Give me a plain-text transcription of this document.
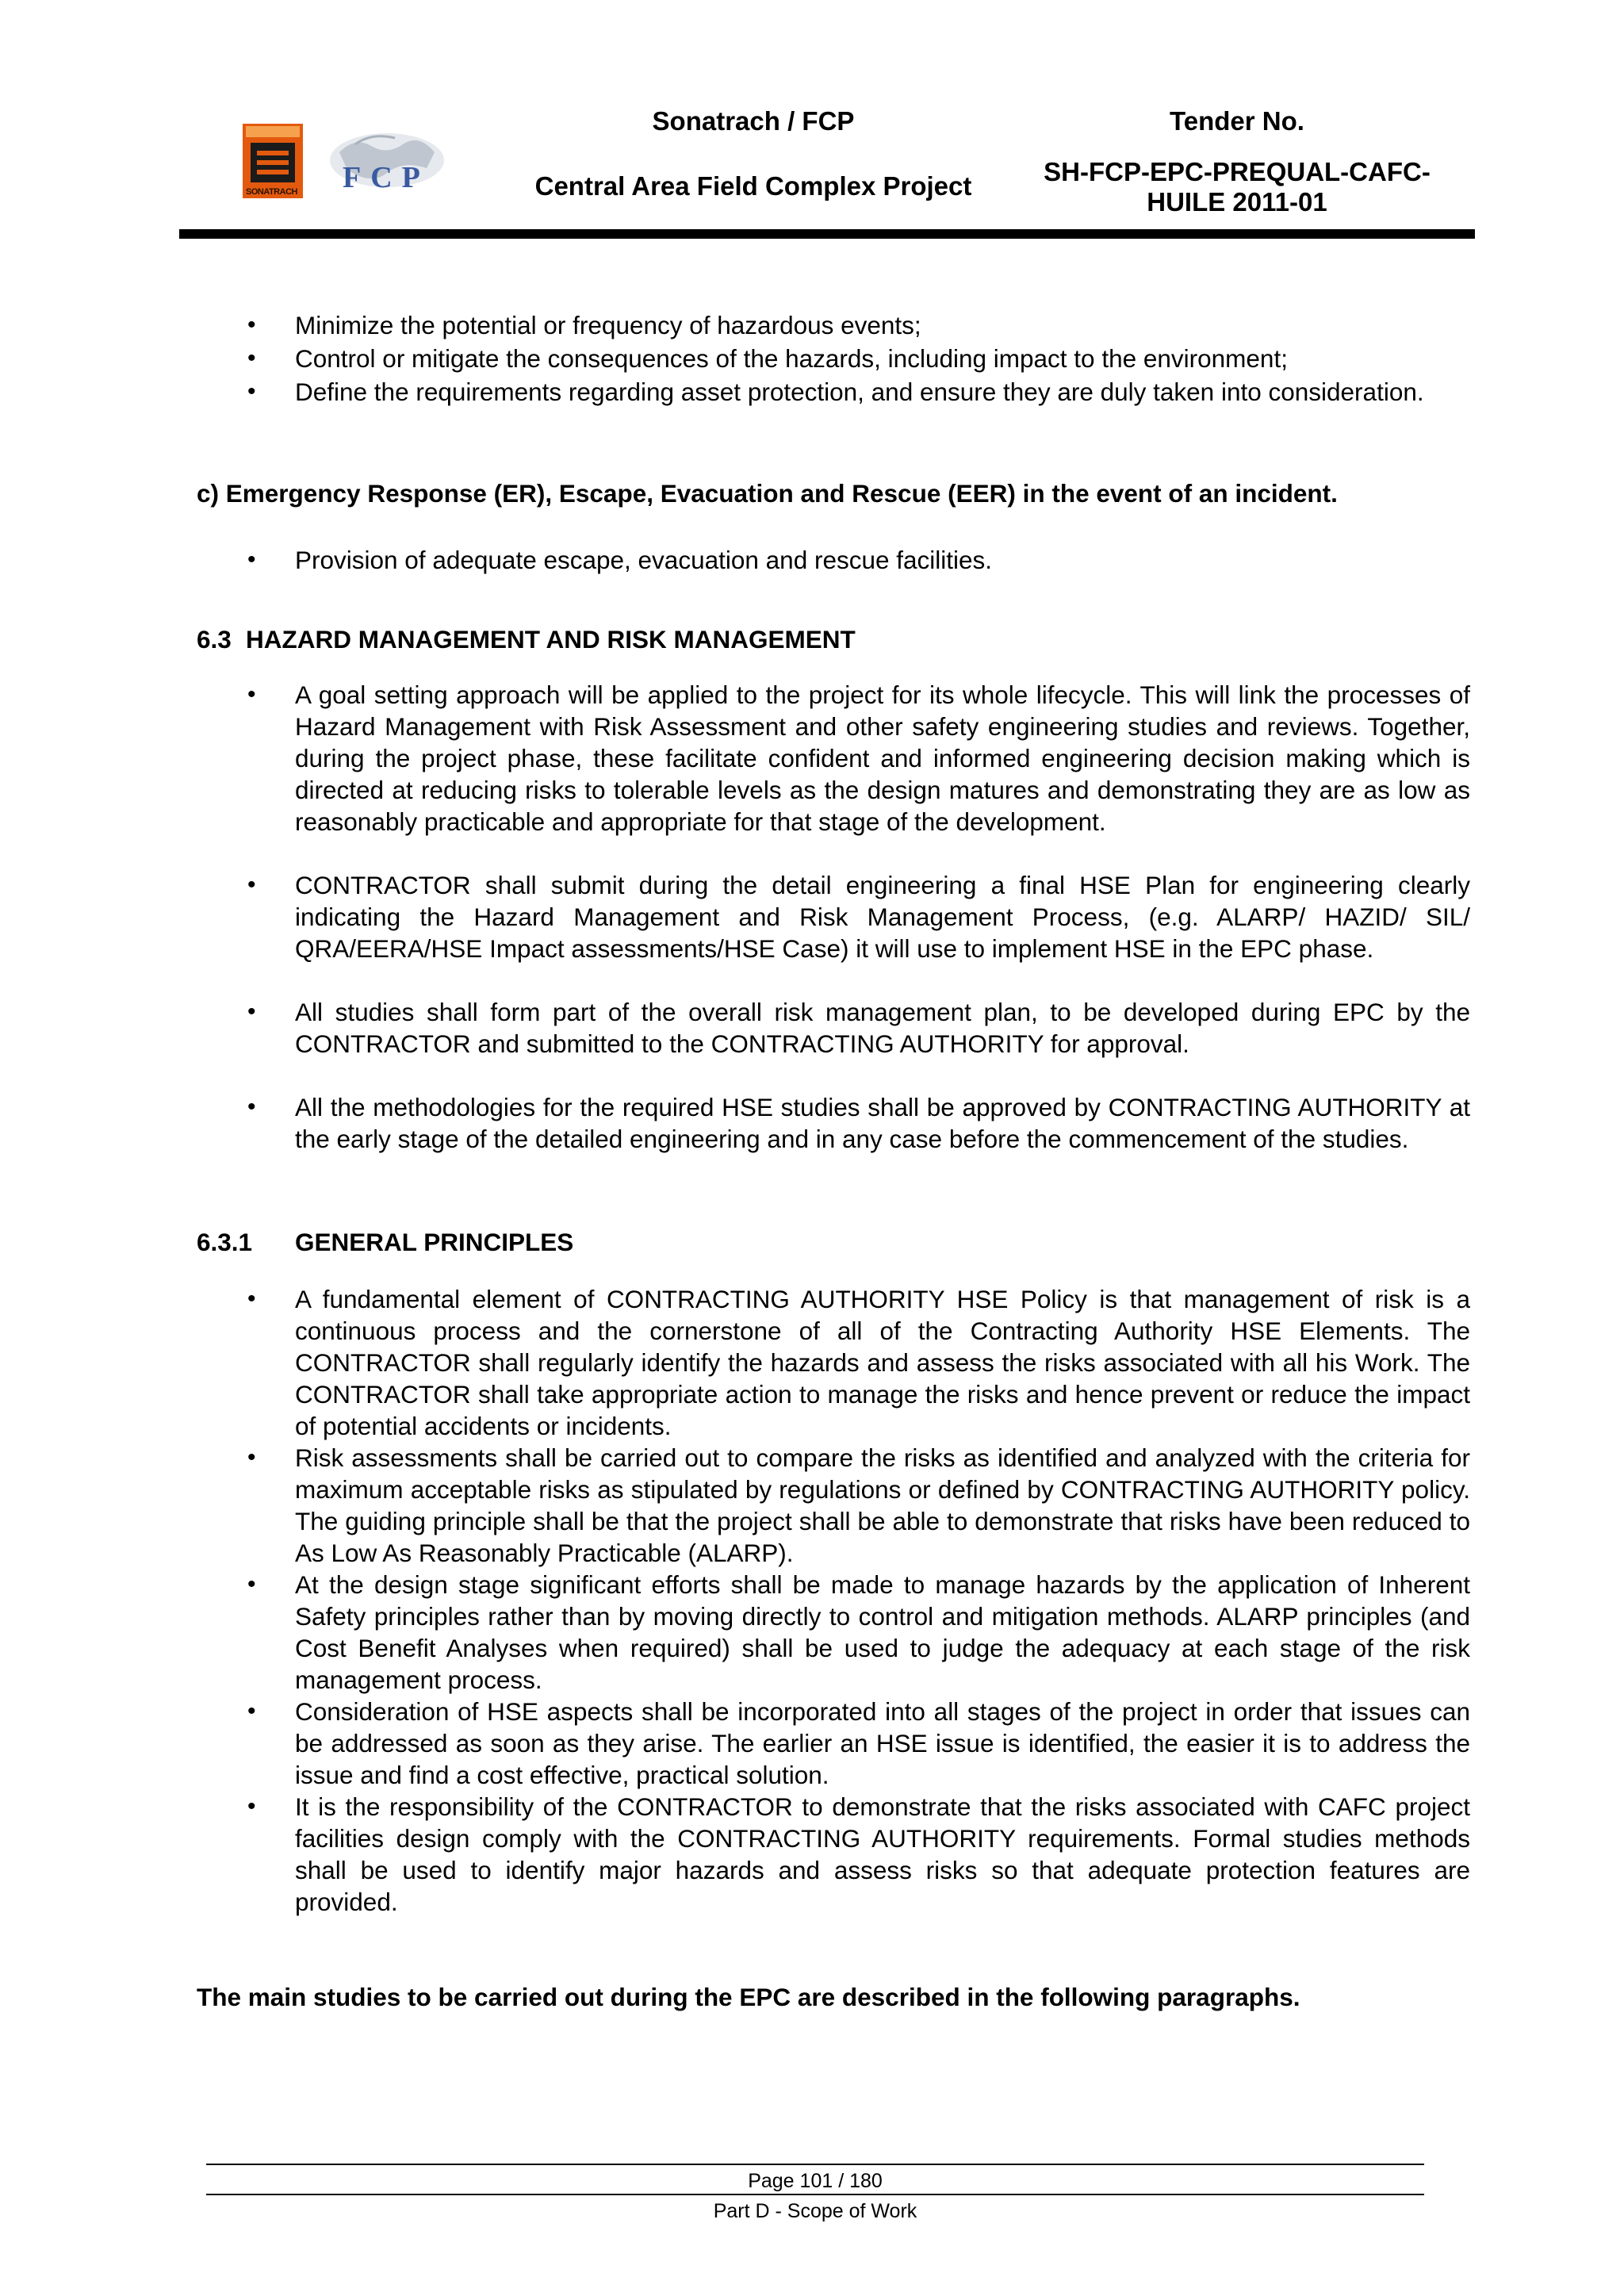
SONATRACH FCP
Sonatrach / FCP
Central Area Field Complex Project
Tender No.
SH-FCP-EPC-PREQUAL-CAFC-
HUILE 2011-01
• Minimize the potential or frequency of hazardous events;
• Control or mitigate the consequences of the hazards, including impact to the environment;
• Define the requirements regarding asset protection, and ensure they are duly taken into consideration.
c) Emergency Response (ER), Escape, Evacuation and Rescue (EER) in the event of an incident.
• Provision of adequate escape, evacuation and rescue facilities.
6.3 HAZARD MANAGEMENT AND RISK MANAGEMENT
• A goal setting approach will be applied to the project for its whole lifecycle. This will link the processes of Hazard Management with Risk Assessment and other safety engineering studies and reviews. Together, during the project phase, these facilitate confident and informed engineering decision making which is directed at reducing risks to tolerable levels as the design matures and demonstrating they are as low as reasonably practicable and appropriate for that stage of the development.
• CONTRACTOR shall submit during the detail engineering a final HSE Plan for engineering clearly indicating the Hazard Management and Risk Management Process, (e.g. ALARP/ HAZID/ SIL/ QRA/EERA/HSE Impact assessments/HSE Case) it will use to implement HSE in the EPC phase.
• All studies shall form part of the overall risk management plan, to be developed during EPC by the CONTRACTOR and submitted to the CONTRACTING AUTHORITY for approval.
• All the methodologies for the required HSE studies shall be approved by CONTRACTING AUTHORITY at the early stage of the detailed engineering and in any case before the commencement of the studies.
6.3.1 GENERAL PRINCIPLES
• A fundamental element of CONTRACTING AUTHORITY HSE Policy is that management of risk is a continuous process and the cornerstone of all of the Contracting Authority HSE Elements. The CONTRACTOR shall regularly identify the hazards and assess the risks associated with all his Work. The CONTRACTOR shall take appropriate action to manage the risks and hence prevent or reduce the impact of potential accidents or incidents.
• Risk assessments shall be carried out to compare the risks as identified and analyzed with the criteria for maximum acceptable risks as stipulated by regulations or defined by CONTRACTING AUTHORITY policy. The guiding principle shall be that the project shall be able to demonstrate that risks have been reduced to As Low As Reasonably Practicable (ALARP).
• At the design stage significant efforts shall be made to manage hazards by the application of Inherent Safety principles rather than by moving directly to control and mitigation methods. ALARP principles (and Cost Benefit Analyses when required) shall be used to judge the adequacy at each stage of the risk management process.
• Consideration of HSE aspects shall be incorporated into all stages of the project in order that issues can be addressed as soon as they arise. The earlier an HSE issue is identified, the easier it is to address the issue and find a cost effective, practical solution.
• It is the responsibility of the CONTRACTOR to demonstrate that the risks associated with CAFC project facilities design comply with the CONTRACTING AUTHORITY requirements. Formal studies methods shall be used to identify major hazards and assess risks so that adequate protection features are provided.
The main studies to be carried out during the EPC are described in the following paragraphs.
Page 101 / 180
Part D - Scope of Work
